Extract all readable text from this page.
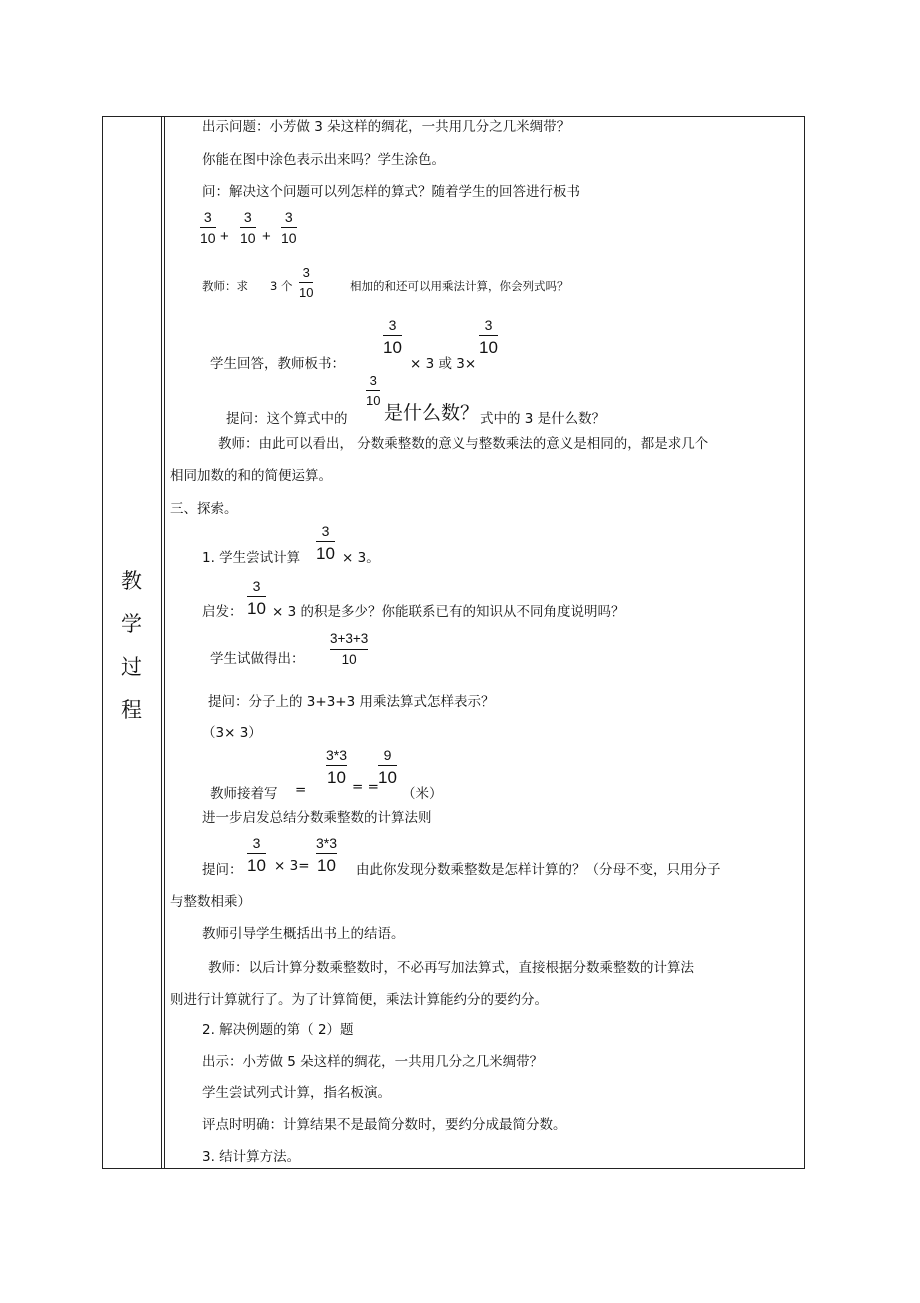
教
学
过
程
出示问题：小芳做 3 朵这样的绸花，一共用几分之几米绸带？
你能在图中涂色表示出来吗？学生涂色。
问：解决这个问题可以列怎样的算式？随着学生的回答进行板书
3
10 +
3
10 +
3
10
教师：求 3 个
3
10	相加的和还可以用乘法计算，你会列式吗？
学生回答，教师板书：
3
10
× 3 或 3×
3
10
提问：这个算式中的
3
10
是什么数？ 式中的 3 是什么数？
教师：由此可以看出， 分数乘整数的意义与整数乘法的意义是相同的，都是求几个
相同加数的和的简便运算。
三、探索。
1. 学生尝试计算
3
10 × 3。
启发：
3
10 × 3 的积是多少？你能联系已有的知识从不同角度说明吗？
学生试做得出：
3+3+3
10
提问：分子上的 3+3+3 用乘法算式怎样表示？
（3× 3）
教师接着写 =
3*3
10 = =
9
10
（米）
进一步启发总结分数乘整数的计算法则
提问：
3
10 × 3=
3*3
10 由此你发现分数乘整数是怎样计算的？（分母不变，只用分子
与整数相乘）
教师引导学生概括出书上的结语。
教师：以后计算分数乘整数时，不必再写加法算式，直接根据分数乘整数的计算法
则进行计算就行了。为了计算简便，乘法计算能约分的要约分。
2. 解决例题的第（ 2）题
出示：小芳做 5 朵这样的绸花，一共用几分之几米绸带？
学生尝试列式计算，指名板演。
评点时明确：计算结果不是最简分数时，要约分成最简分数。
3. 结计算方法。
